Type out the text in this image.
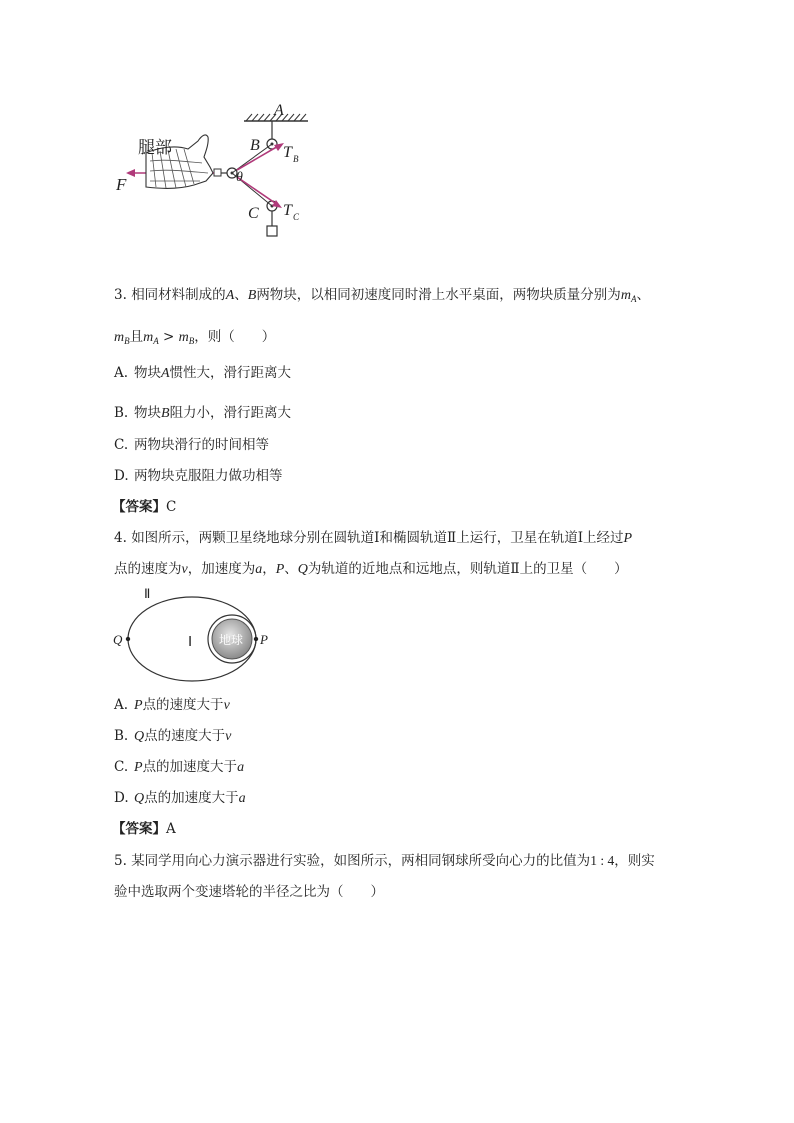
A
B
C
F	θ
T B
T C
腿部
3. 相同材料制成的A、B两物块，以相同初速度同时滑上水平桌面，两物块质量分别为$m_A$、
$m_B$且$m_A > m_B$，则（　　）
A. 物块A惯性大，滑行距离大
B. 物块B阻力小，滑行距离大
C. 两物块滑行的时间相等
D. 两物块克服阻力做功相等
【答案】C
4. 如图所示，两颗卫星绕地球分别在圆轨道Ⅰ和椭圆轨道Ⅱ上运行，卫星在轨道Ⅰ上经过P
点的速度为v，加速度为a，P、Q为轨道的近地点和远地点，则轨道Ⅱ上的卫星（　　）
Ⅱ
Ⅰ 地球 P
Q
A. P点的速度大于v
B. Q点的速度大于v
C. P点的加速度大于a
D. Q点的加速度大于a
【答案】A
5. 某同学用向心力演示器进行实验，如图所示，两相同钢球所受向心力的比值为1 : 4，则实
验中选取两个变速塔轮的半径之比为（　　）
